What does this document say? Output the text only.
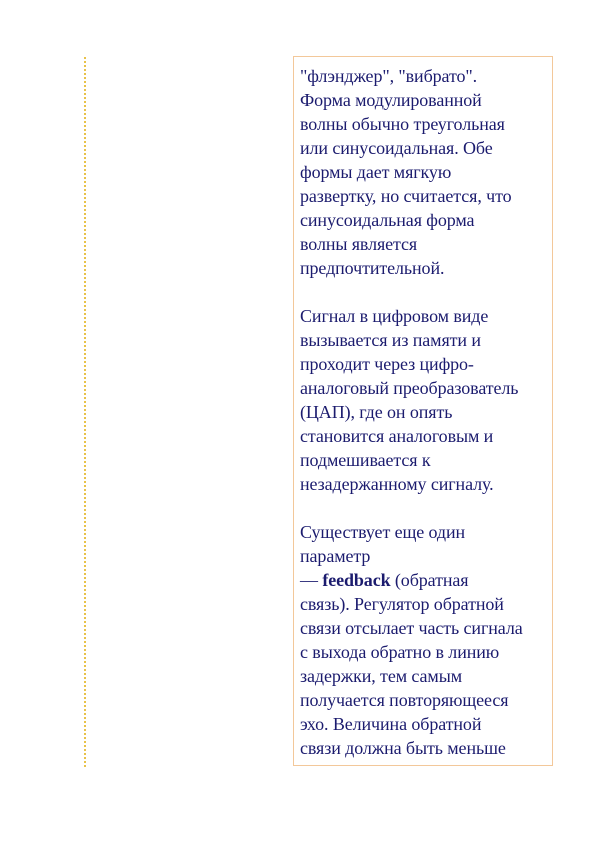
"флэнджер", "вибрато".
Форма модулированной
волны обычно треугольная
или синусоидальная. Обе
формы дает мягкую
развертку, но считается, что
синусоидальная форма
волны является
предпочтительной.

Сигнал в цифровом виде
вызывается из памяти и
проходит через цифро-
аналоговый преобразователь
(ЦАП), где он опять
становится аналоговым и
подмешивается к
незадержанному сигналу.

Существует еще один
параметр
— feedback (обратная
связь). Регулятор обратной
связи отсылает часть сигнала
с выхода обратно в линию
задержки, тем самым
получается повторяющееся
эхо. Величина обратной
связи должна быть меньше
